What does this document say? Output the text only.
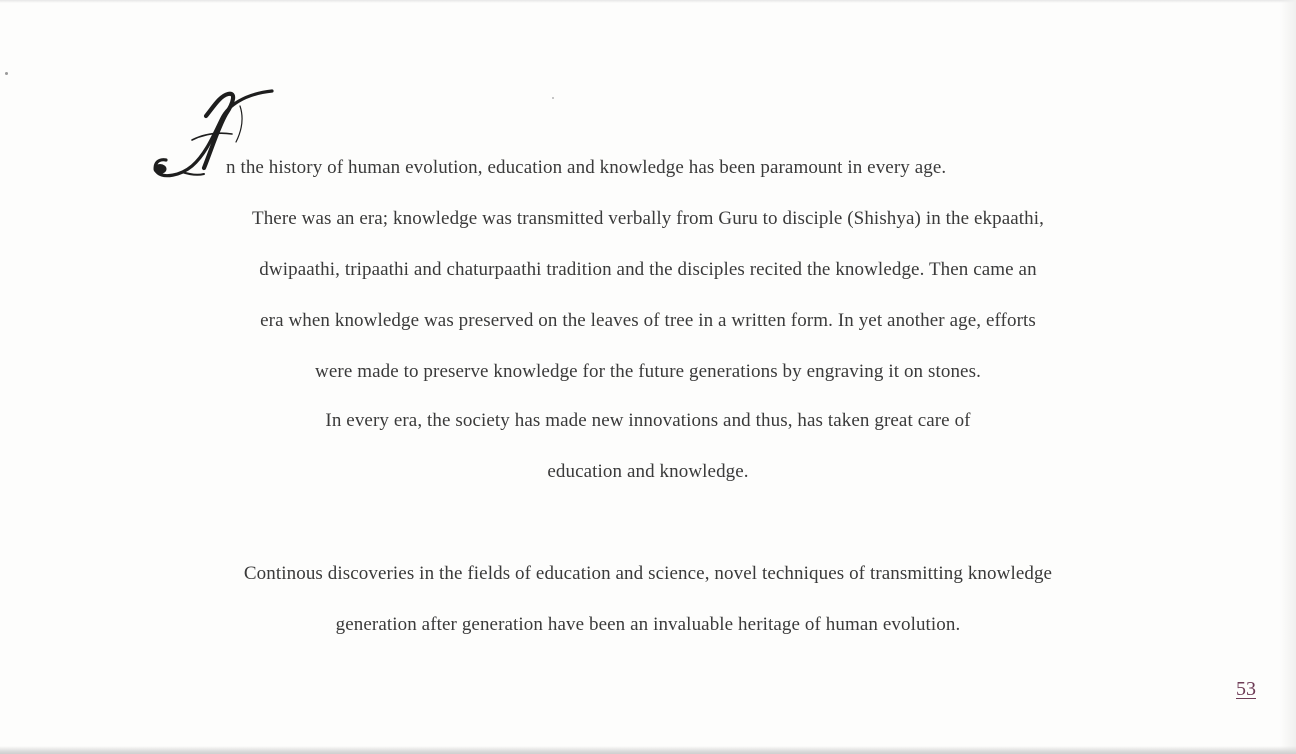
n the history of human evolution, education and knowledge has been paramount in every age.

There was an era; knowledge was transmitted verbally from Guru to disciple (Shishya) in the ekpaathi,

dwipaathi, tripaathi and chaturpaathi tradition and the disciples recited the knowledge. Then came an

era when knowledge was preserved on the leaves of tree in a written form. In yet another age, efforts

were made to preserve knowledge for the future generations by engraving it on stones.

In every era, the society has made new innovations and thus, has taken great care of

education and knowledge.

Continous discoveries in the fields of education and science, novel techniques of transmitting knowledge

generation after generation have been an invaluable heritage of human evolution.

53
